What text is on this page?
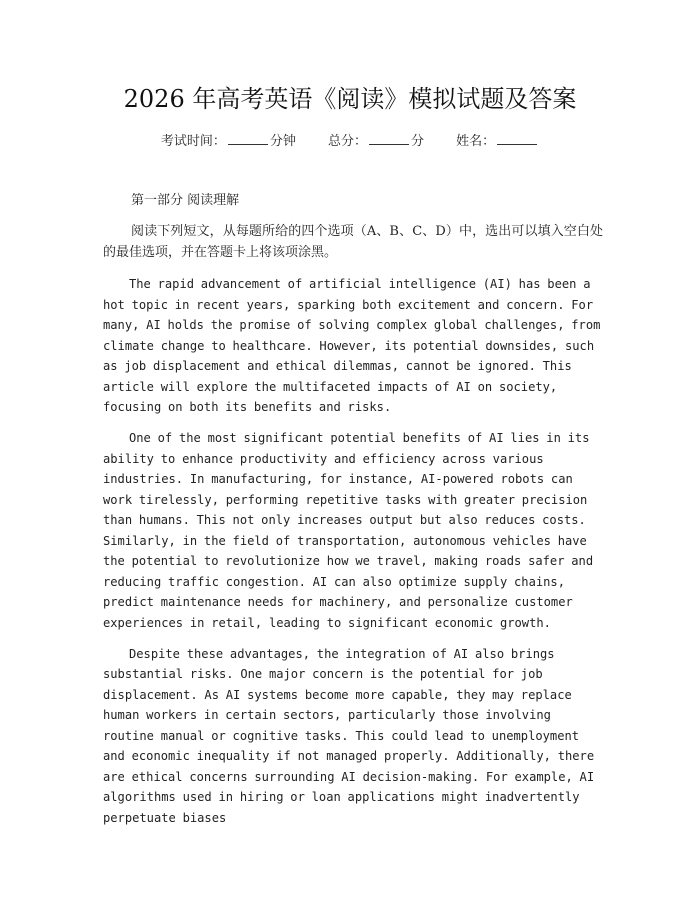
2026 年高考英语《阅读》模拟试题及答案
考试时间：	分钟 总分：	分 姓名：
第一部分 阅读理解

阅读下列短文，从每题所给的四个选项（A、B、C、D）中，选出可以填入空白处的最佳选项，并在答题卡上将该项涂黑。

The rapid advancement of artificial intelligence (AI) has been a hot topic in recent years, sparking both excitement and concern. For many, AI holds the promise of solving complex global challenges, from climate change to healthcare. However, its potential downsides, such as job displacement and ethical dilemmas, cannot be ignored. This article will explore the multifaceted impacts of AI on society, focusing on both its benefits and risks.

One of the most significant potential benefits of AI lies in its ability to enhance productivity and efficiency across various industries. In manufacturing, for instance, AI-powered robots can work tirelessly, performing repetitive tasks with greater precision than humans. This not only increases output but also reduces costs. Similarly, in the field of transportation, autonomous vehicles have the potential to revolutionize how we travel, making roads safer and reducing traffic congestion. AI can also optimize supply chains, predict maintenance needs for machinery, and personalize customer experiences in retail, leading to significant economic growth.

Despite these advantages, the integration of AI also brings substantial risks. One major concern is the potential for job displacement. As AI systems become more capable, they may replace human workers in certain sectors, particularly those involving routine manual or cognitive tasks. This could lead to unemployment and economic inequality if not managed properly. Additionally, there are ethical concerns surrounding AI decision-making. For example, AI algorithms used in hiring or loan applications might inadvertently perpetuate biases
